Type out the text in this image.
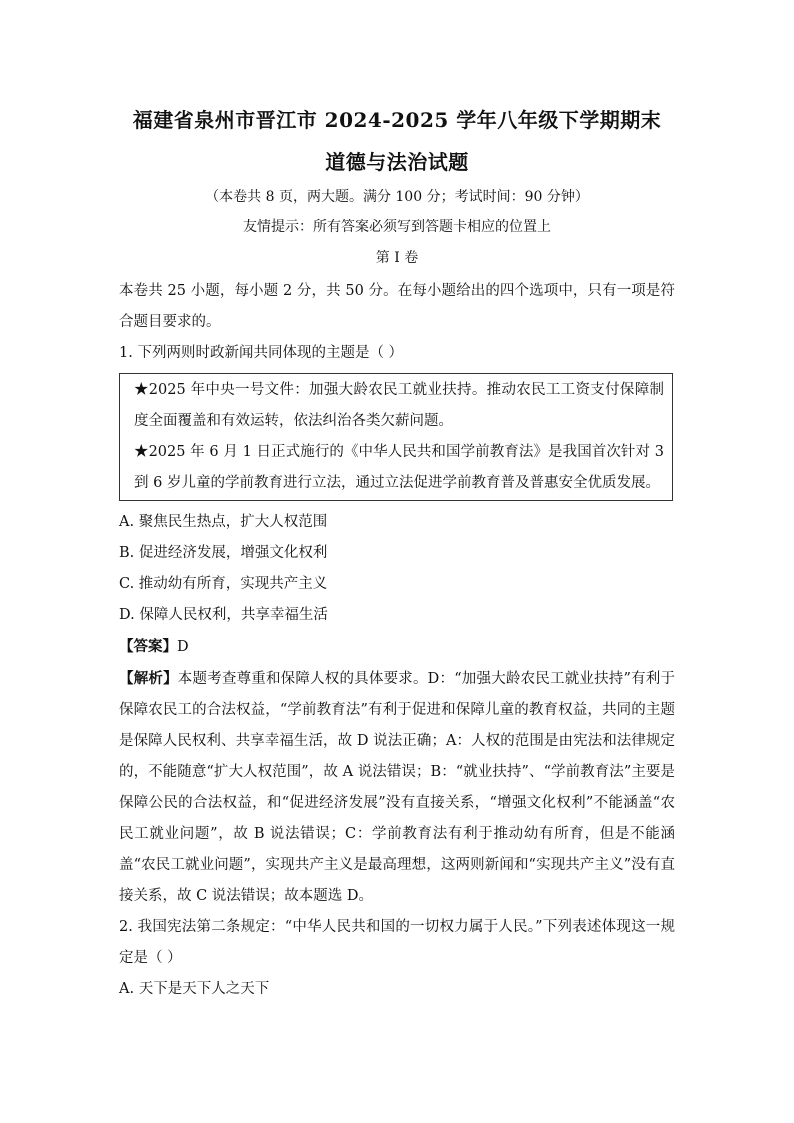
福建省泉州市晋江市 2024-2025 学年八年级下学期期末
道德与法治试题
（本卷共 8 页，两大题。满分 100 分；考试时间：90 分钟）
友情提示：所有答案必须写到答题卡相应的位置上
第 I 卷

本卷共 25 小题，每小题 2 分，共 50 分。在每小题给出的四个选项中，只有一项是符合题目要求的。

1. 下列两则时政新闻共同体现的主题是（ ）

★2025 年中央一号文件：加强大龄农民工就业扶持。推动农民工工资支付保障制度全面覆盖和有效运转，依法纠治各类欠薪问题。

★2025 年 6 月 1 日正式施行的《中华人民共和国学前教育法》是我国首次针对 3 到 6 岁儿童的学前教育进行立法，通过立法促进学前教育普及普惠安全优质发展。

A. 聚焦民生热点，扩大人权范围

B. 促进经济发展，增强文化权利

C. 推动幼有所育，实现共产主义

D. 保障人民权利，共享幸福生活

【答案】D

【解析】本题考查尊重和保障人权的具体要求。D：“加强大龄农民工就业扶持”有利于保障农民工的合法权益，“学前教育法”有利于促进和保障儿童的教育权益，共同的主题是保障人民权利、共享幸福生活，故 D 说法正确；A：人权的范围是由宪法和法律规定的，不能随意“扩大人权范围”，故 A 说法错误；B：“就业扶持”、“学前教育法”主要是保障公民的合法权益，和“促进经济发展”没有直接关系，“增强文化权利”不能涵盖“农民工就业问题”，故 B 说法错误；C：学前教育法有利于推动幼有所育，但是不能涵盖“农民工就业问题”，实现共产主义是最高理想，这两则新闻和“实现共产主义”没有直接关系，故 C 说法错误；故本题选 D。

2. 我国宪法第二条规定：“中华人民共和国的一切权力属于人民。”下列表述体现这一规定是（ ）

A. 天下是天下人之天下
